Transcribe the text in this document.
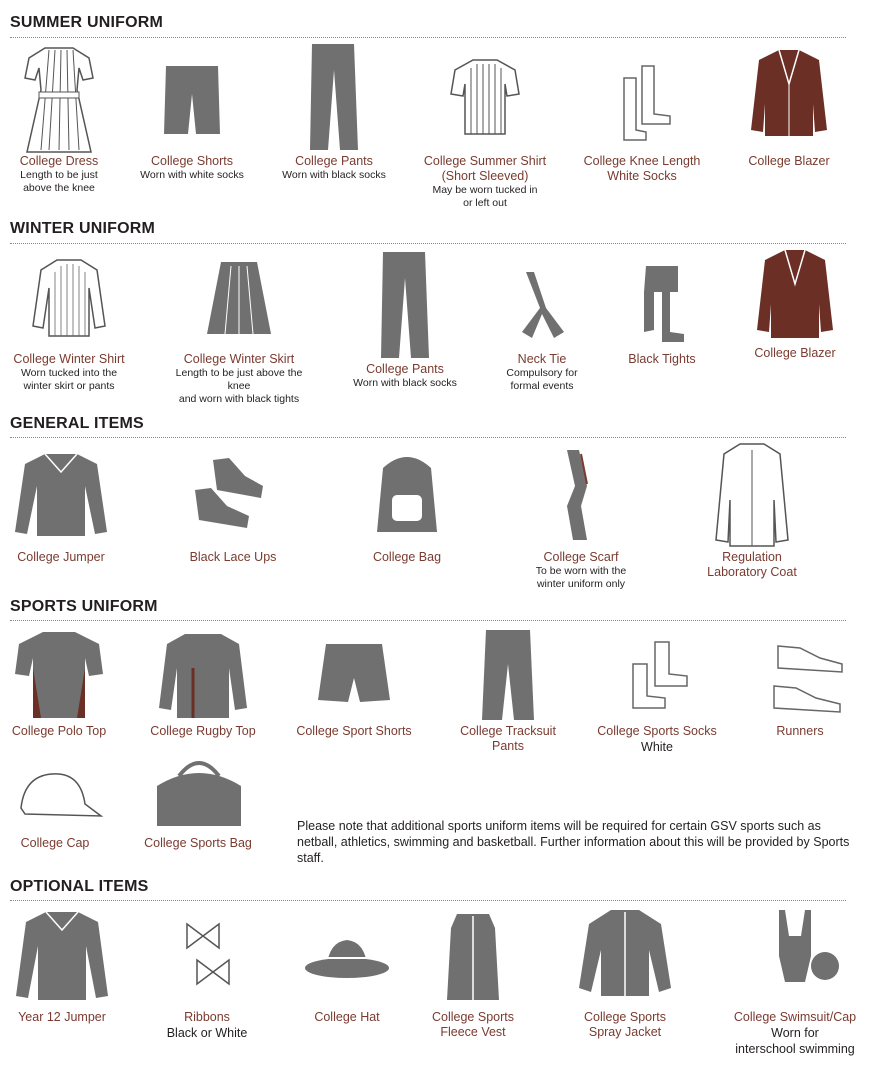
SUMMER UNIFORM
College Dress
Length to be just
above the knee
College Shorts
Worn with white socks
College Pants
Worn with black socks
College Summer Shirt
(Short Sleeved)
May be worn tucked in
or left out
College Knee Length
White Socks
College Blazer
WINTER UNIFORM
College Winter Shirt
Worn tucked into the
winter skirt or pants
College Winter Skirt
Length to be just above the knee
and worn with black tights
College Pants
Worn with black socks
Neck Tie
Compulsory for
formal events
Black Tights	College Blazer
GENERAL ITEMS
College Jumper	Black Lace Ups	College Bag	College Scarf
To be worn with the
winter uniform only
Regulation
Laboratory Coat
SPORTS UNIFORM
College Polo Top	College Rugby Top	College Sport Shorts	College Tracksuit
Pants
College Sports Socks
White
Runners
College Cap	College Sports Bag

Please note that additional sports uniform items will be required for certain GSV sports such as netball, athletics, swimming and basketball. Further information about this will be provided by Sports staff.

OPTIONAL ITEMS
Year 12 Jumper	Ribbons
Black or White
College Hat	College Sports
Fleece Vest
College Sports
Spray Jacket
College Swimsuit/Cap
Worn for
interschool swimming
